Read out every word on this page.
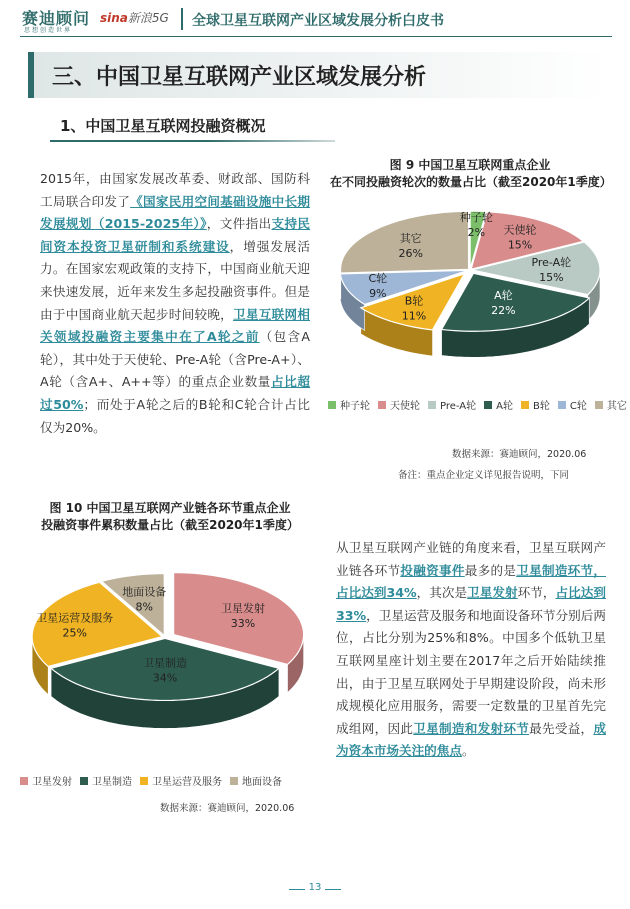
赛迪顾问
思想创造世界
sina新浪5G 全球卫星互联网产业区域发展分析白皮书
三、中国卫星互联网产业区域发展分析
1、中国卫星互联网投融资概况
2015年，由国家发展改革委、财政部、国防科工局联合印发了《国家民用空间基础设施中长期发展规划（2015-2025年）》，文件指出支持民间资本投资卫星研制和系统建设，增强发展活力。在国家宏观政策的支持下，中国商业航天迎来快速发展，近年来发生多起投融资事件。但是由于中国商业航天起步时间较晚，卫星互联网相关领域投融资主要集中在了A轮之前（包含A轮），其中处于天使轮、Pre-A轮（含Pre-A+）、A轮（含A+、A++等）的重点企业数量占比超过50%；而处于A轮之后的B轮和C轮合计占比仅为20%。
图 9 中国卫星互联网重点企业
在不同投融资轮次的数量占比（截至2020年1季度）
种子轮
2% 天使轮
15%
Pre-A轮
15%
A轮
22%
B轮
11%
C轮
9%
其它
26%
种子轮 天使轮 Pre-A轮 A轮 B轮 C轮 其它
数据来源：赛迪顾问，2020.06
备注：重点企业定义详见报告说明，下同
图 10 中国卫星互联网产业链各环节重点企业
投融资事件累积数量占比（截至2020年1季度）
卫星发射
33%
卫星制造
34%
卫星运营及服务
25%
地面设备
8%
卫星发射 卫星制造 卫星运营及服务 地面设备
数据来源：赛迪顾问，2020.06
从卫星互联网产业链的角度来看，卫星互联网产业链各环节投融资事件最多的是卫星制造环节，占比达到34%，其次是卫星发射环节，占比达到33%，卫星运营及服务和地面设备环节分别后两位，占比分别为25%和8%。中国多个低轨卫星互联网星座计划主要在2017年之后开始陆续推出，由于卫星互联网处于早期建设阶段，尚未形成规模化应用服务，需要一定数量的卫星首先完成组网，因此卫星制造和发射环节最先受益，成为资本市场关注的焦点。
13
